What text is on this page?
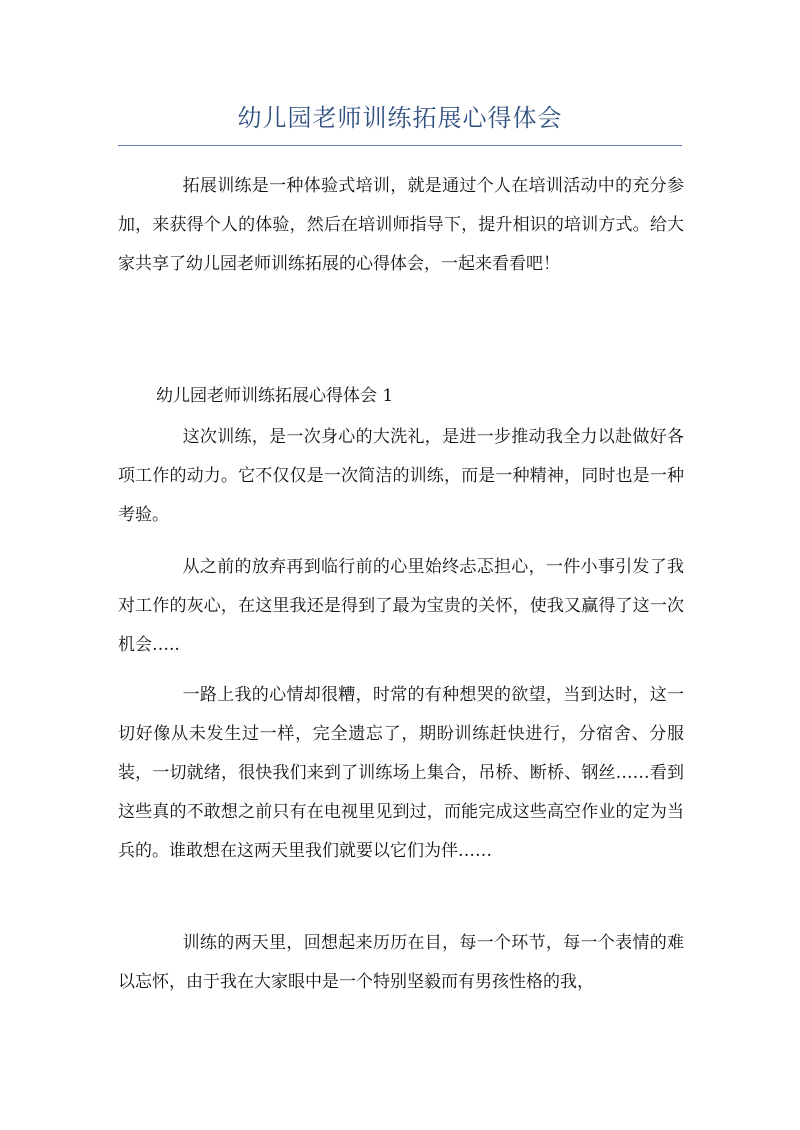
幼儿园老师训练拓展心得体会

拓展训练是一种体验式培训，就是通过个人在培训活动中的充分参加，来获得个人的体验，然后在培训师指导下，提升相识的培训方式。给大家共享了幼儿园老师训练拓展的心得体会，一起来看看吧！

幼儿园老师训练拓展心得体会 1

这次训练，是一次身心的大洗礼，是进一步推动我全力以赴做好各项工作的动力。它不仅仅是一次简洁的训练，而是一种精神，同时也是一种考验。

从之前的放弃再到临行前的心里始终忐忑担心，一件小事引发了我对工作的灰心，在这里我还是得到了最为宝贵的关怀，使我又赢得了这一次机会…..

一路上我的心情却很糟，时常的有种想哭的欲望，当到达时，这一切好像从未发生过一样，完全遗忘了，期盼训练赶快进行，分宿舍、分服装，一切就绪，很快我们来到了训练场上集合，吊桥、断桥、钢丝……看到这些真的不敢想之前只有在电视里见到过，而能完成这些高空作业的定为当兵的。谁敢想在这两天里我们就要以它们为伴……

训练的两天里，回想起来历历在目，每一个环节，每一个表情的难以忘怀，由于我在大家眼中是一个特别坚毅而有男孩性格的我，
